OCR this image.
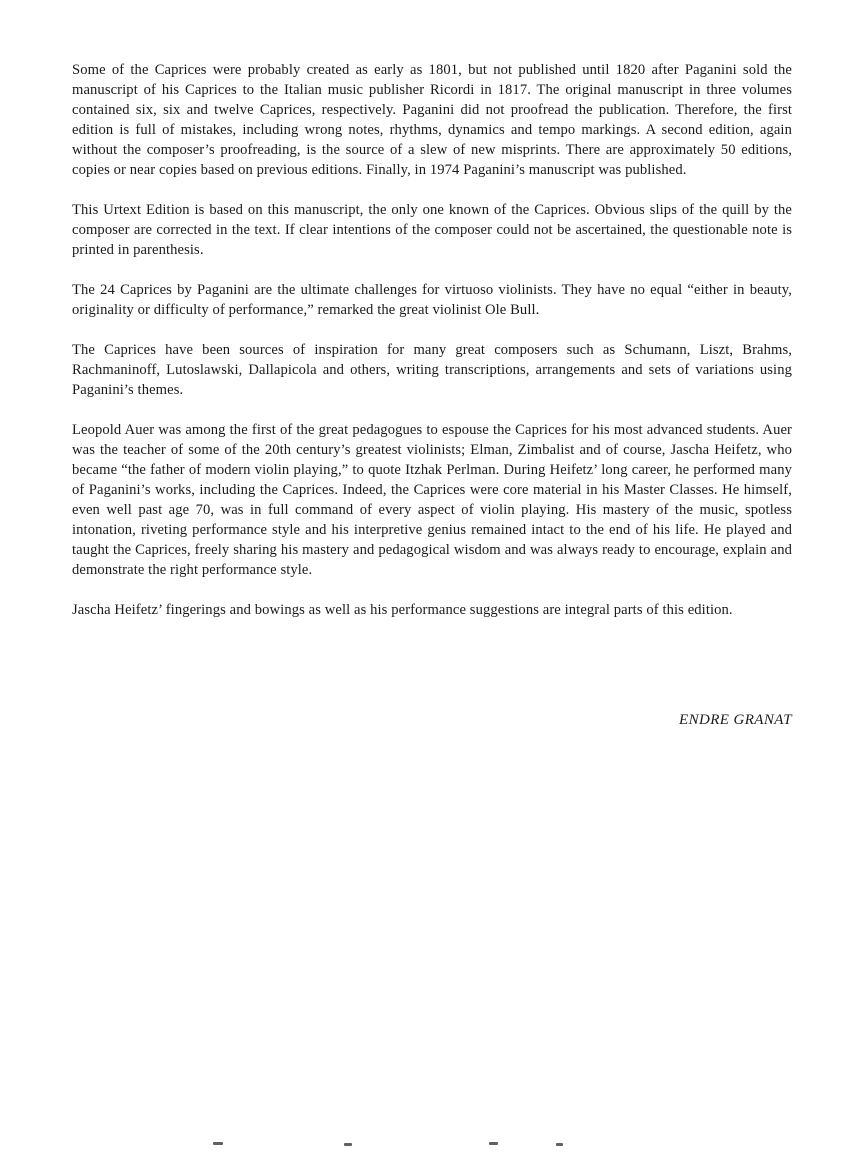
Some of the Caprices were probably created as early as 1801, but not published until 1820 after Paganini sold the manuscript of his Caprices to the Italian music publisher Ricordi in 1817. The original manuscript in three volumes contained six, six and twelve Caprices, respectively. Paganini did not proofread the publication. Therefore, the first edition is full of mistakes, including wrong notes, rhythms, dynamics and tempo markings. A second edition, again without the composer’s proofreading, is the source of a slew of new misprints. There are approximately 50 editions, copies or near copies based on previous editions. Finally, in 1974 Paganini’s manuscript was published.

This Urtext Edition is based on this manuscript, the only one known of the Caprices. Obvious slips of the quill by the composer are corrected in the text. If clear intentions of the composer could not be ascertained, the questionable note is printed in parenthesis.

The 24 Caprices by Paganini are the ultimate challenges for virtuoso violinists. They have no equal “either in beauty, originality or difficulty of performance,” remarked the great violinist Ole Bull.

The Caprices have been sources of inspiration for many great composers such as Schumann, Liszt, Brahms, Rachmaninoff, Lutoslawski, Dallapicola and others, writing transcriptions, arrangements and sets of variations using Paganini’s themes.

Leopold Auer was among the first of the great pedagogues to espouse the Caprices for his most advanced students. Auer was the teacher of some of the 20th century’s greatest violinists; Elman, Zimbalist and of course, Jascha Heifetz, who became “the father of modern violin playing,” to quote Itzhak Perlman. During Heifetz’ long career, he performed many of Paganini’s works, including the Caprices. Indeed, the Caprices were core material in his Master Classes. He himself, even well past age 70, was in full command of every aspect of violin playing. His mastery of the music, spotless intonation, riveting performance style and his interpretive genius remained intact to the end of his life. He played and taught the Caprices, freely sharing his mastery and pedagogical wisdom and was always ready to encourage, explain and demonstrate the right performance style.

Jascha Heifetz’ fingerings and bowings as well as his performance suggestions are integral parts of this edition.

ENDRE GRANAT
